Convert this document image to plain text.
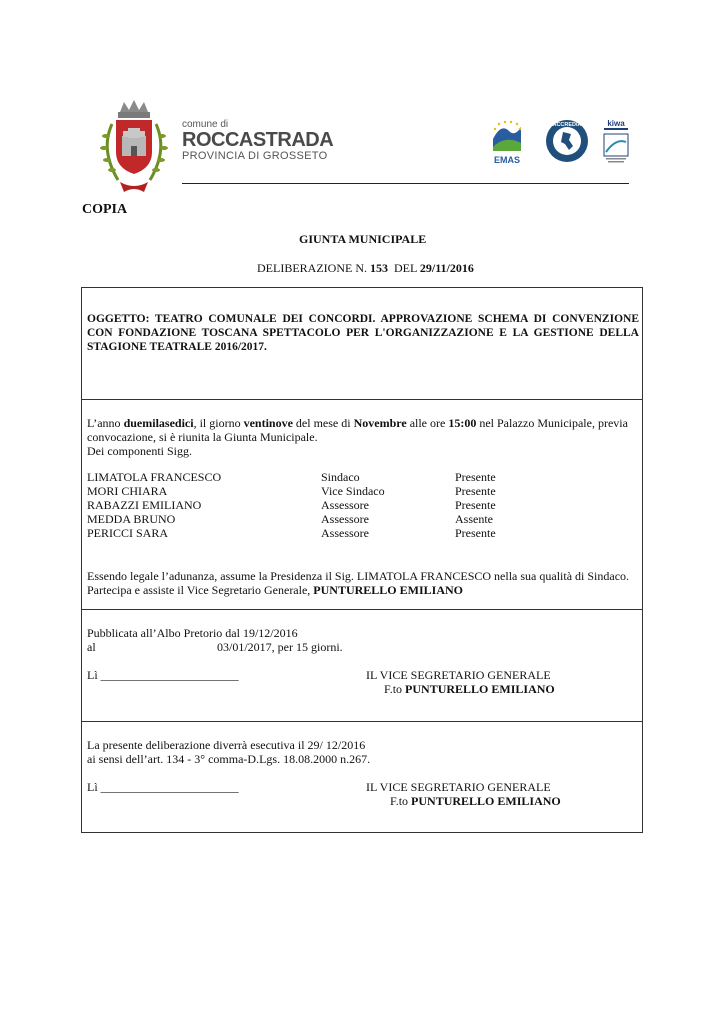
comune di
ROCCASTRADA
PROVINCIA DI GROSSETO	EMAS
ACCREDIA	kiwa
COPIA
GIUNTA MUNICIPALE
DELIBERAZIONE N. 153 DEL 29/11/2016
OGGETTO: TEATRO COMUNALE DEI CONCORDI. APPROVAZIONE SCHEMA DI CONVENZIONE CON FONDAZIONE TOSCANA SPETTACOLO PER L'ORGANIZZAZIONE E LA GESTIONE DELLA STAGIONE TEATRALE 2016/2017.
L’anno duemilasedici, il giorno ventinove del mese di Novembre alle ore 15:00 nel Palazzo Municipale, previa convocazione, si è riunita la Giunta Municipale.
Dei componenti Sigg.
LIMATOLA FRANCESCO	Sindaco	Presente
MORI CHIARA	Vice Sindaco	Presente
RABAZZI EMILIANO	Assessore	Presente
MEDDA BRUNO	Assessore	Assente
PERICCI SARA	Assessore	Presente
Essendo legale l’adunanza, assume la Presidenza il Sig. LIMATOLA FRANCESCO nella sua qualità di Sindaco.
Partecipa e assiste il Vice Segretario Generale, PUNTURELLO EMILIANO
Pubblicata all’Albo Pretorio dal 19/12/2016
al	03/01/2017, per 15 giorni.
Lì _______________________	IL VICE SEGRETARIO GENERALE
F.to PUNTURELLO EMILIANO
La presente deliberazione diverrà esecutiva il 29/ 12/2016
ai sensi dell’art. 134 - 3° comma-D.Lgs. 18.08.2000 n.267.
Lì _______________________	IL VICE SEGRETARIO GENERALE
F.to PUNTURELLO EMILIANO
